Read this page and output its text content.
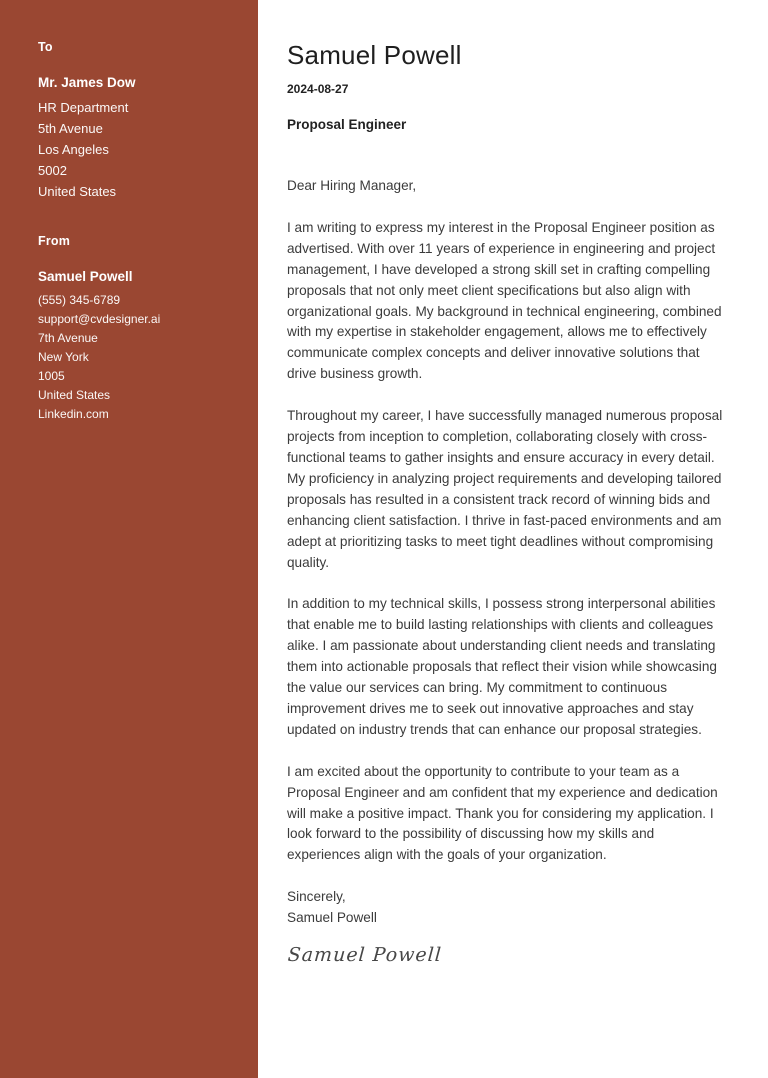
To
Mr. James Dow
HR Department
5th Avenue
Los Angeles
5002
United States
From
Samuel Powell
(555) 345-6789
support@cvdesigner.ai
7th Avenue
New York
1005
United States
Linkedin.com
Samuel Powell
2024-08-27
Proposal Engineer

Dear Hiring Manager,

I am writing to express my interest in the Proposal Engineer position as advertised. With over 11 years of experience in engineering and project management, I have developed a strong skill set in crafting compelling proposals that not only meet client specifications but also align with organizational goals. My background in technical engineering, combined with my expertise in stakeholder engagement, allows me to effectively communicate complex concepts and deliver innovative solutions that drive business growth.

Throughout my career, I have successfully managed numerous proposal projects from inception to completion, collaborating closely with cross-functional teams to gather insights and ensure accuracy in every detail. My proficiency in analyzing project requirements and developing tailored proposals has resulted in a consistent track record of winning bids and enhancing client satisfaction. I thrive in fast-paced environments and am adept at prioritizing tasks to meet tight deadlines without compromising quality.

In addition to my technical skills, I possess strong interpersonal abilities that enable me to build lasting relationships with clients and colleagues alike. I am passionate about understanding client needs and translating them into actionable proposals that reflect their vision while showcasing the value our services can bring. My commitment to continuous improvement drives me to seek out innovative approaches and stay updated on industry trends that can enhance our proposal strategies.

I am excited about the opportunity to contribute to your team as a Proposal Engineer and am confident that my experience and dedication will make a positive impact. Thank you for considering my application. I look forward to the possibility of discussing how my skills and experiences align with the goals of your organization.

Sincerely,

Samuel Powell

Samuel Powell
